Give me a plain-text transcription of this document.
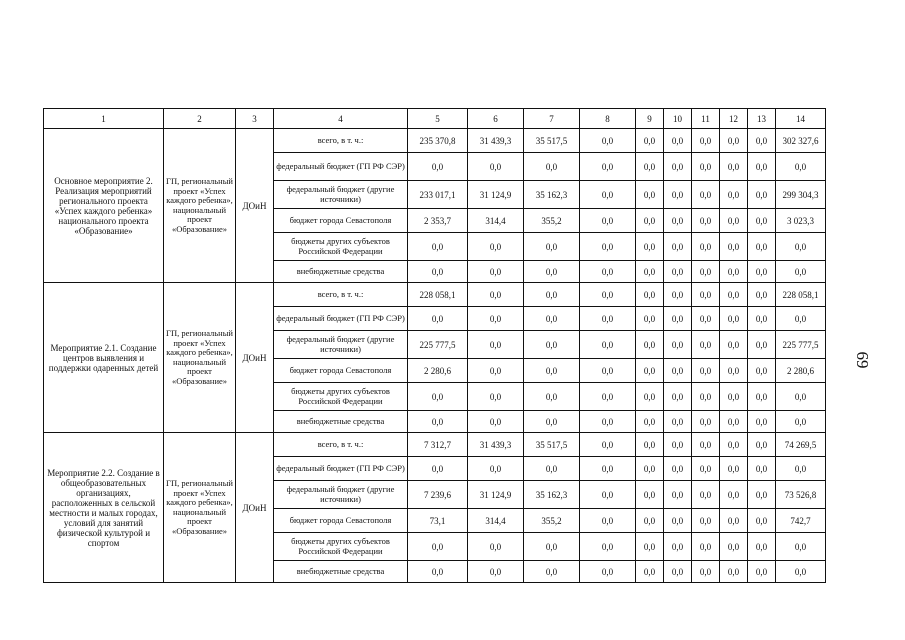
69
1	2	3	4	5	6	7	8	9	10	11	12	13	14
Основное мероприятие 2. Реализация мероприятий регионального проекта «Успех каждого ребенка» национального проекта «Образование»	ГП, региональный проект «Успех каждого ребенка», национальный проект «Образование»	ДОиН	всего, в т. ч.:	235 370,8	31 439,3	35 517,5	0,0	0,0	0,0	0,0	0,0	0,0	302 327,6
			федеральный бюджет (ГП РФ СЭР)	0,0	0,0	0,0	0,0	0,0	0,0	0,0	0,0	0,0	0,0
			федеральный бюджет (другие источники)	233 017,1	31 124,9	35 162,3	0,0	0,0	0,0	0,0	0,0	0,0	299 304,3
			бюджет города Севастополя	2 353,7	314,4	355,2	0,0	0,0	0,0	0,0	0,0	0,0	3 023,3
			бюджеты других субъектов Российской Федерации	0,0	0,0	0,0	0,0	0,0	0,0	0,0	0,0	0,0	0,0
			внебюджетные средства	0,0	0,0	0,0	0,0	0,0	0,0	0,0	0,0	0,0	0,0
Мероприятие 2.1. Создание центров выявления и поддержки одаренных детей	ГП, региональный проект «Успех каждого ребенка», национальный проект «Образование»	ДОиН	всего, в т. ч.:	228 058,1	0,0	0,0	0,0	0,0	0,0	0,0	0,0	0,0	228 058,1
			федеральный бюджет (ГП РФ СЭР)	0,0	0,0	0,0	0,0	0,0	0,0	0,0	0,0	0,0	0,0
			федеральный бюджет (другие источники)	225 777,5	0,0	0,0	0,0	0,0	0,0	0,0	0,0	0,0	225 777,5
			бюджет города Севастополя	2 280,6	0,0	0,0	0,0	0,0	0,0	0,0	0,0	0,0	2 280,6
			бюджеты других субъектов Российской Федерации	0,0	0,0	0,0	0,0	0,0	0,0	0,0	0,0	0,0	0,0
			внебюджетные средства	0,0	0,0	0,0	0,0	0,0	0,0	0,0	0,0	0,0	0,0
Мероприятие 2.2. Создание в общеобразовательных организациях, расположенных в сельской местности и малых городах, условий для занятий физической культурой и спортом	ГП, региональный проект «Успех каждого ребенка», национальный проект «Образование»	ДОиН	всего, в т. ч.:	7 312,7	31 439,3	35 517,5	0,0	0,0	0,0	0,0	0,0	0,0	74 269,5
			федеральный бюджет (ГП РФ СЭР)	0,0	0,0	0,0	0,0	0,0	0,0	0,0	0,0	0,0	0,0
			федеральный бюджет (другие источники)	7 239,6	31 124,9	35 162,3	0,0	0,0	0,0	0,0	0,0	0,0	73 526,8
			бюджет города Севастополя	73,1	314,4	355,2	0,0	0,0	0,0	0,0	0,0	0,0	742,7
			бюджеты других субъектов Российской Федерации	0,0	0,0	0,0	0,0	0,0	0,0	0,0	0,0	0,0	0,0
			внебюджетные средства	0,0	0,0	0,0	0,0	0,0	0,0	0,0	0,0	0,0	0,0
